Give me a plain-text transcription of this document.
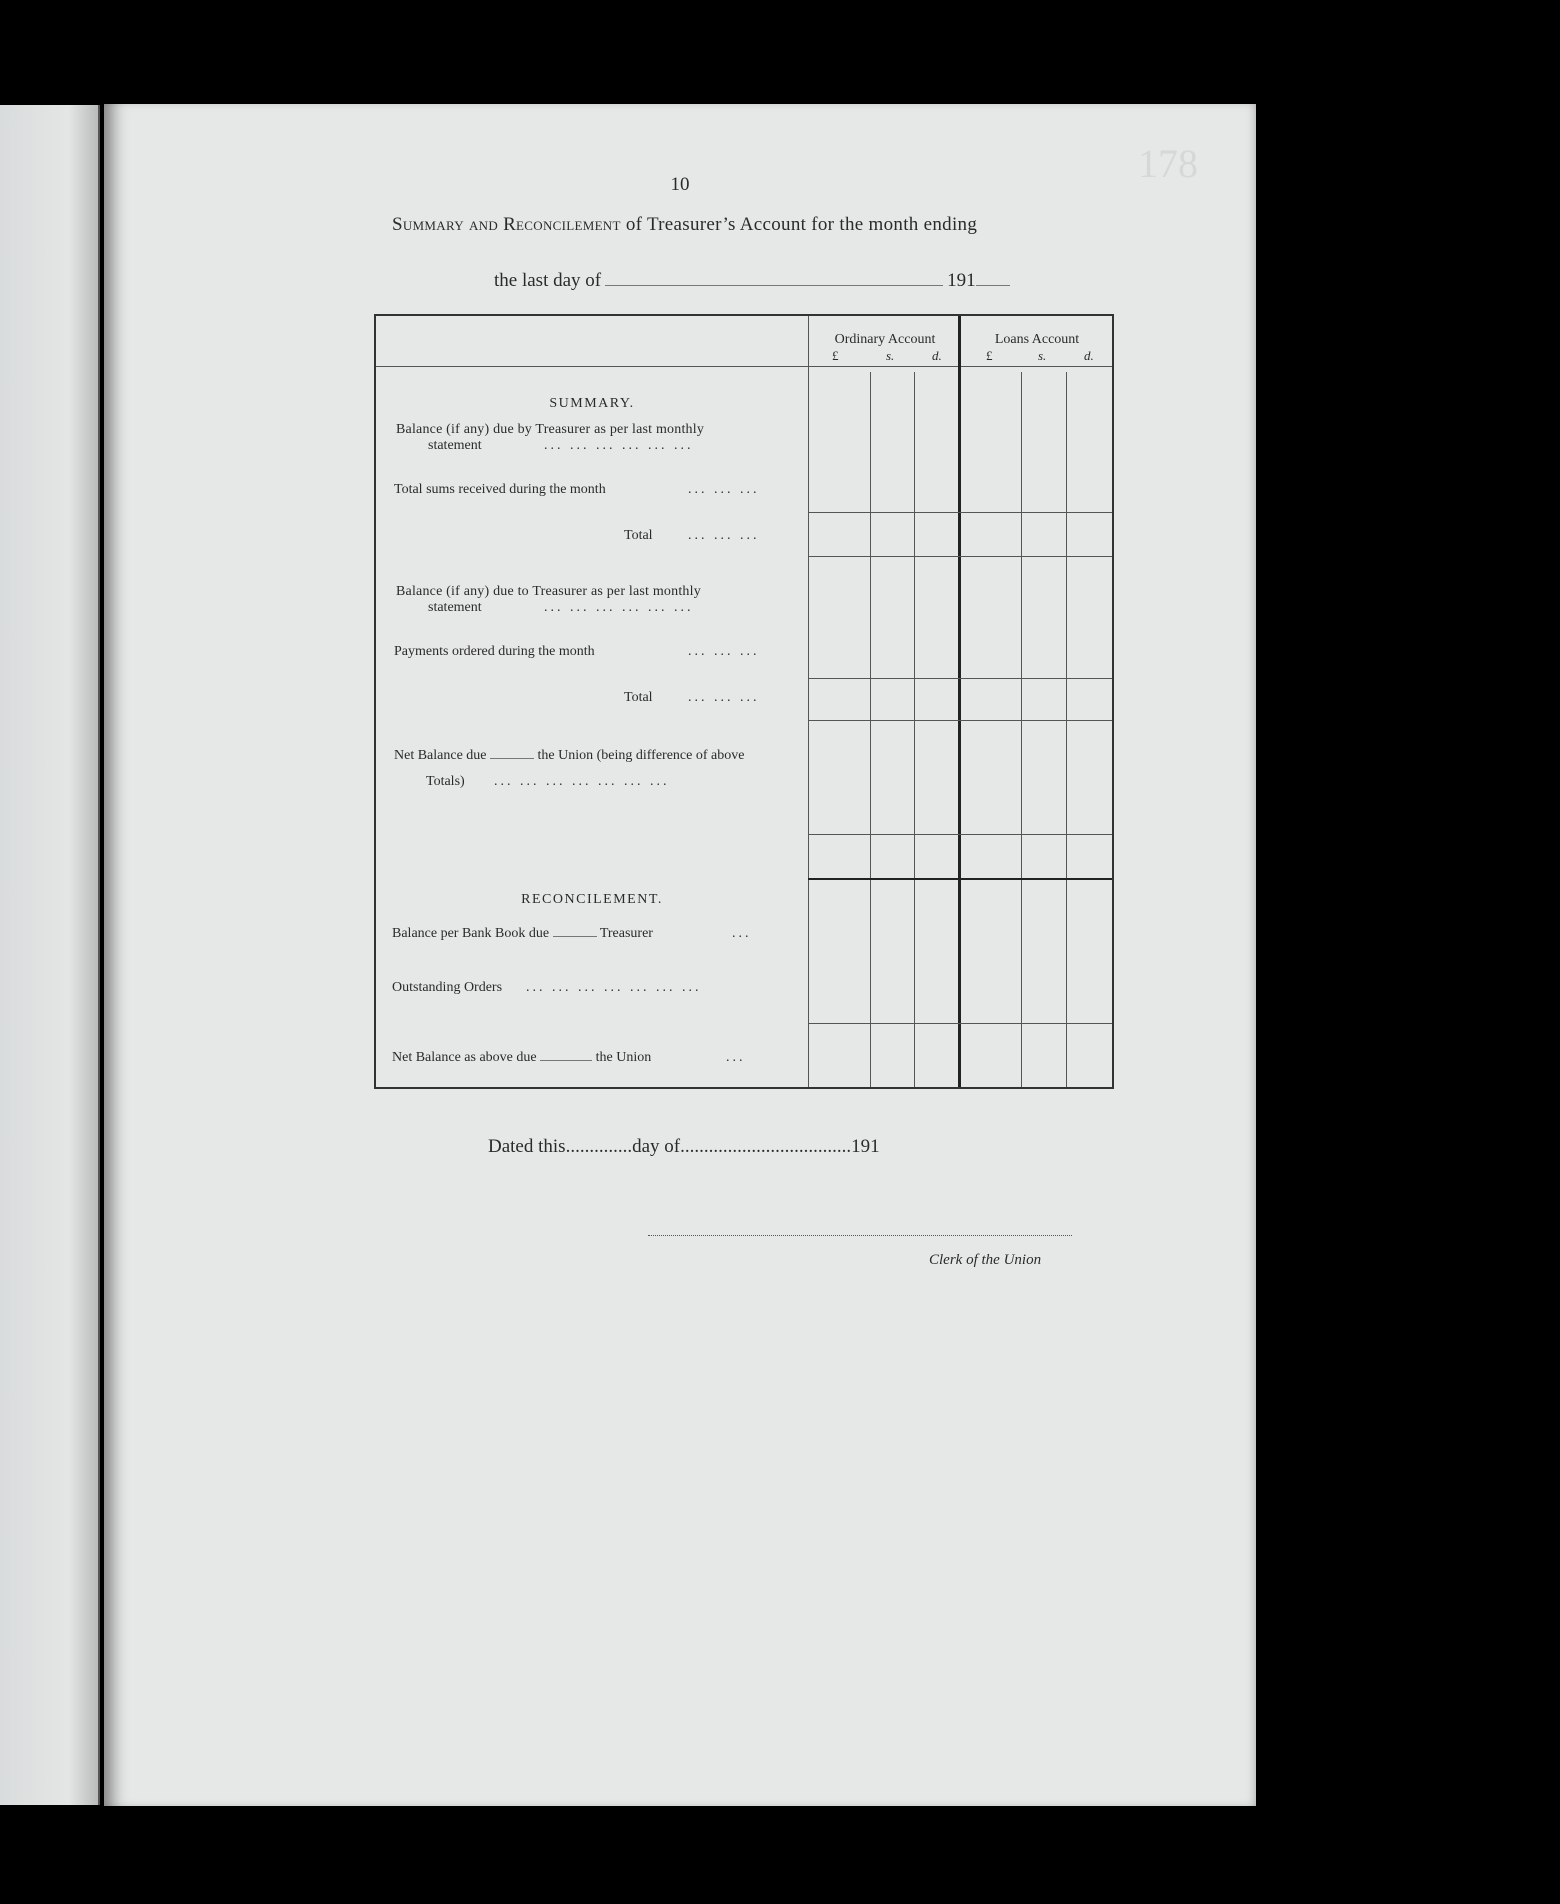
178
10
Summary and Reconcilement of Treasurer’s Account for the month ending
the last day of	191
Ordinary Account	Loans Account
£	s.	d.	£	s.	d.
SUMMARY.
Balance (if any) due by Treasurer as per last monthly
statement	... ... ... ... ... ...
Total sums received during the month	... ... ...
Total	... ... ...
Balance (if any) due to Treasurer as per last monthly
statement	... ... ... ... ... ...
Payments ordered during the month	... ... ...
Total	... ... ...
Net Balance due	the Union (being difference of above
Totals) ... ... ... ... ... ... ...
RECONCILEMENT.
Balance per Bank Book due	Treasurer	...
Outstanding Orders ... ... ... ... ... ... ...
Net Balance as above due	the Union	...
Dated this..............day of....................................191
Clerk of the Union
